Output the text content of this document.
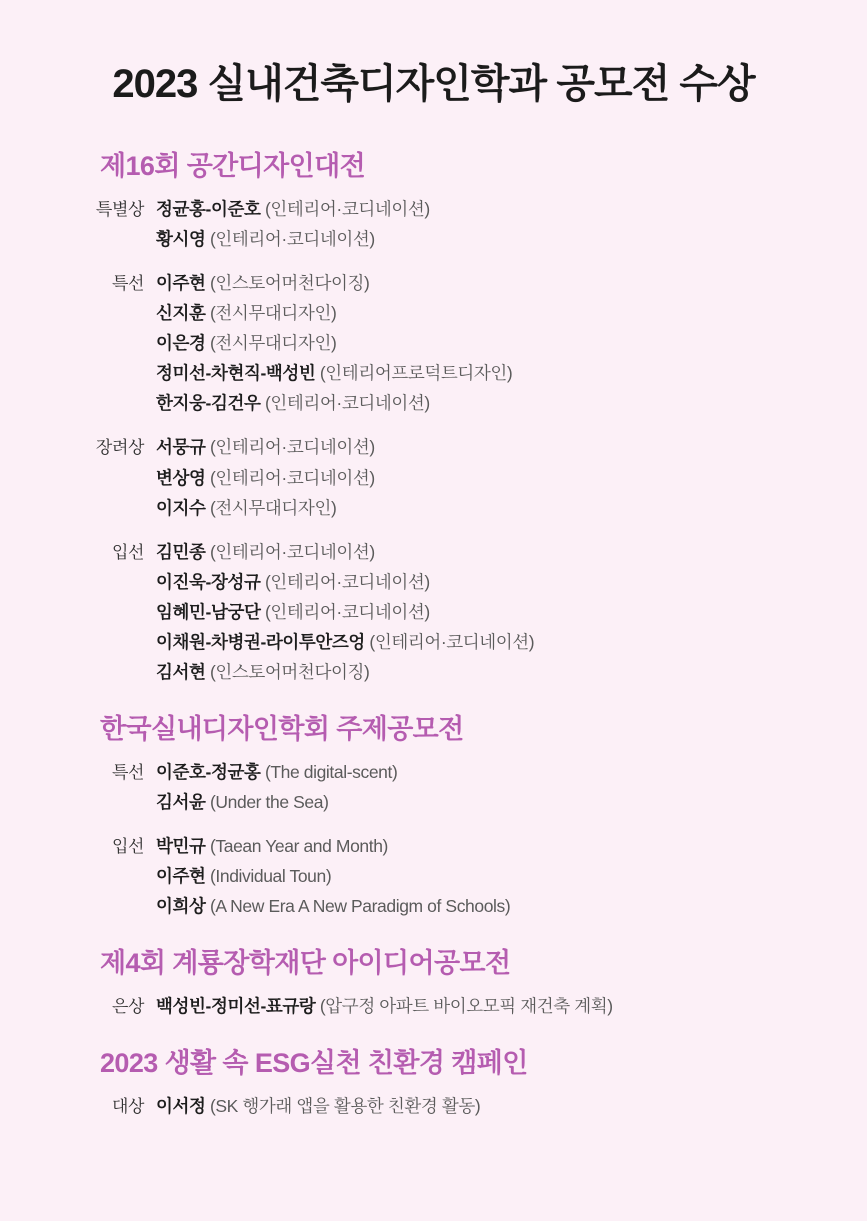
2023 실내건축디자인학과 공모전 수상
제16회 공간디자인대전
특별상 정균홍-이준호 (인테리어·코디네이션)
황시영 (인테리어·코디네이션)
특선 이주현 (인스토어머천다이징)
신지훈 (전시무대디자인)
이은경 (전시무대디자인)
정미선-차현직-백성빈 (인테리어프로덕트디자인)
한지웅-김건우 (인테리어·코디네이션)
장려상 서뭉규 (인테리어·코디네이션)
변상영 (인테리어·코디네이션)
이지수 (전시무대디자인)
입선 김민종 (인테리어·코디네이션)
이진욱-장성규 (인테리어·코디네이션)
임혜민-남궁단 (인테리어·코디네이션)
이채원-차병권-라이투안즈엉 (인테리어·코디네이션)
김서현 (인스토어머천다이징)
한국실내디자인학회 주제공모전
특선 이준호-정균홍 (The digital-scent)
김서윤 (Under the Sea)
입선 박민규 (Taean Year and Month)
이주현 (Individual Toun)
이희상 (A New Era A New Paradigm of Schools)
제4회 계룡장학재단 아이디어공모전
은상 백성빈-정미선-표규랑 (압구정 아파트 바이오모픽 재건축 계획)
2023 생활 속 ESG실천 친환경 캠페인
대상 이서정 (SK 행가래 앱을 활용한 친환경 활동)
